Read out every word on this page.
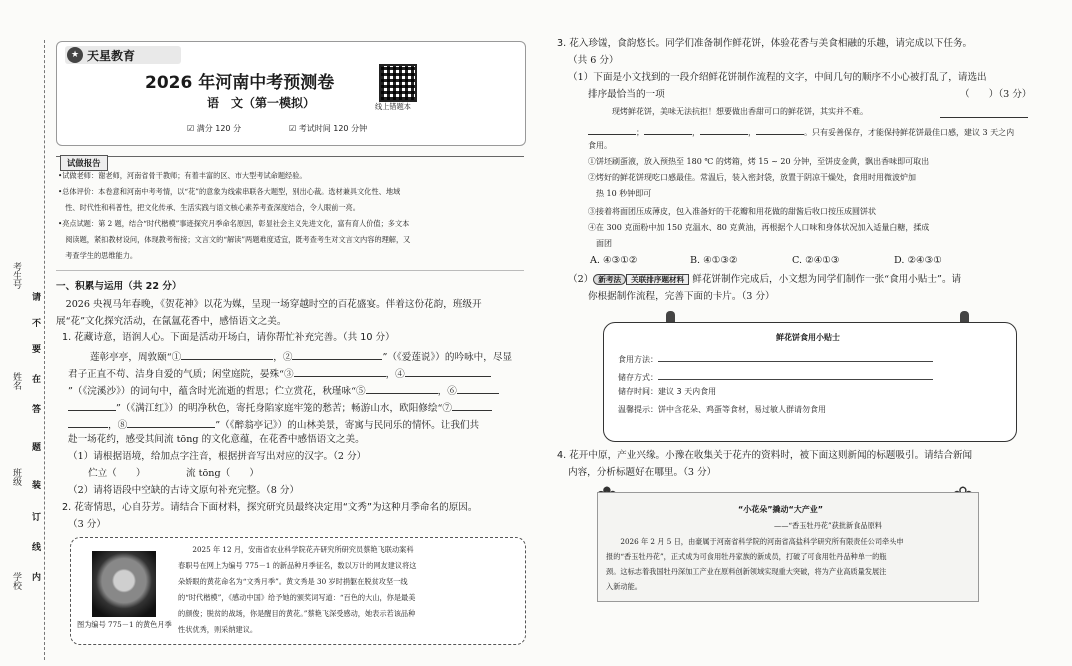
考生号
姓名
班级
学校
请
不
要
在
答
题
装
订
线
内
★ 天星教育
2026 年河南中考预测卷
语　文（第一模拟）	线上错题本
☑ 满分 120 分	☑ 考试时间 120 分钟
试做报告
•试做老师：谢老师，河南省骨干教师；有着丰富的区、市大型考试命题经验。
•总体评价：本卷意和河南中考考情，以“花”的意象为线索串联各大题型，别出心裁。选材兼具文化性、地域
　性、时代性和科普性，把文化传承、生活实践与语文核心素养考查深度结合，令人眼前一亮。
•亮点试题：第 2 题，结合“时代楷模”事迹探究月季命名原因，彰显社会主义先进文化，富有育人价值；多文本
　阅读题，紧扣教材设问，体现教考衔接；文言文的“解读”两题难度适宜，既考查考生对文言文内容的理解，又
　考查学生的思维能力。
一、积累与运用（共 22 分）
　2026 央视马年春晚，《贺花神》以花为媒，呈现一场穿越时空的百花盛宴。伴着这份花韵，班级开
展“花”文化探究活动，在氤氲花香中，感悟语文之美。
1. 花藏诗意，语润人心。下面是活动开场白，请你帮忙补充完善。（共 10 分）
莲彰亭亭，周敦颐“①	，②	”（《爱莲说》）的吟咏中，尽显
君子正直不苟、洁身自爱的气质；闲堂庭院，晏殊“③	，④
”（《浣溪沙》）的词句中，蕴含时光流逝的哲思；伫立赏花，秋瑾咏“⑤	，⑥
”（《满江红》）的明净秋色，寄托身陷家庭牢笼的愁苦；畅游山水，欧阳修绘“⑦
，⑧	”（《醉翁亭记》）的山林美景，寄寓与民同乐的情怀。让我们共
赴一场花约，感受其间流 tōng 的文化意蕴，在花香中感悟语文之美。
（1）请根据语境，给加点字注音，根据拼音写出对应的汉字。（2 分）
伫立（　　）	流 tōng（　　）
（2）请将语段中空缺的古诗文原句补充完整。（8 分）
2. 花寄情思，心自芬芳。请结合下面材料，探究研究员最终决定用“文秀”为这种月季命名的原因。
（3 分）
图为编号 775－1 的黄色月季
　　2025 年 12 月，安南省农业科学院花卉研究所研究员蔡艳飞联动案科
春职号在网上为编号 775－1 的新品种月季征名，数以万计的网友建议将这
朵娇眼的黄花命名为“文秀月季”。黄文秀是 30 岁时捐躯在脱贫攻坚一线
的“时代楷模”，《感动中国》给予她的颁奖词写道：“百色的大山，你是最美
的颜俊；脱贫的战场，你是醒目的黄花。”蔡艳飞深受感动，她表示若该品种
性状优秀，则采纳建议。
3. 花入珍馐，食韵悠长。同学们准备制作鲜花饼，体验花香与美食相融的乐趣，请完成以下任务。
（共 6 分）
（1）下面是小文找到的一段介绍鲜花饼制作流程的文字，中间几句的顺序不小心被打乱了，请选出
排序最恰当的一项	（　　）（3 分）
　　现烤鲜花饼，美味无法抗拒！想要做出香甜可口的鲜花饼，其实并不难。
；	，	，	。只有妥善保存，才能保持鲜花饼最佳口感，建议 3 天之内
食用。
①饼坯刷蛋液，放入预热至 180 ℃ 的烤箱，烤 15 ~ 20 分钟，至饼皮金黄，飘出香味即可取出
②烤好的鲜花饼现吃口感最佳。常温后，装入密封袋，放置于阴凉干燥处，食用时用微波炉加
　热 10 秒钟即可
③接着将面团压成薄皮，包入准备好的干花瓣和用花做的甜酱后收口按压成圆饼状
④在 300 克面粉中加 150 克温水、80 克黄油，再根据个人口味和身体状况加入适量白糖，揉成
　面团
A. ④③①②	B. ④①③②	C. ②④①③	D. ②④③①
（2） 新考法 关联排序题材料 鲜花饼制作完成后，小文想为同学们制作一张“食用小贴士”。请
你根据制作流程，完善下面的卡片。（3 分）
鲜花饼食用小贴士
食用方法：
储存方式：
储存时间：建议 3 天内食用
温馨提示：饼中含花朵、鸡蛋等食材，易过敏人群请勿食用
4. 花开中原，产业兴缘。小豫在收集关于花卉的资料时，被下面这则新闻的标题吸引。请结合新闻
内容，分析标题好在哪里。（3 分）
“小花朵”撬动“大产业”
——“香玉牡丹花”获批新食品原料
　　2026 年 2 月 5 日，由豪属于河南省科学院的河南省高盐科学研究所有限责任公司牵头申
报的“香玉牡丹花”，正式成为可食用牡丹家族的新成员，打破了可食用牡丹品种单一的瓶
颈。这标志着我国牡丹深加工产业在原料创新领域实现重大突破，将为产业高质量发展注
入新动能。
